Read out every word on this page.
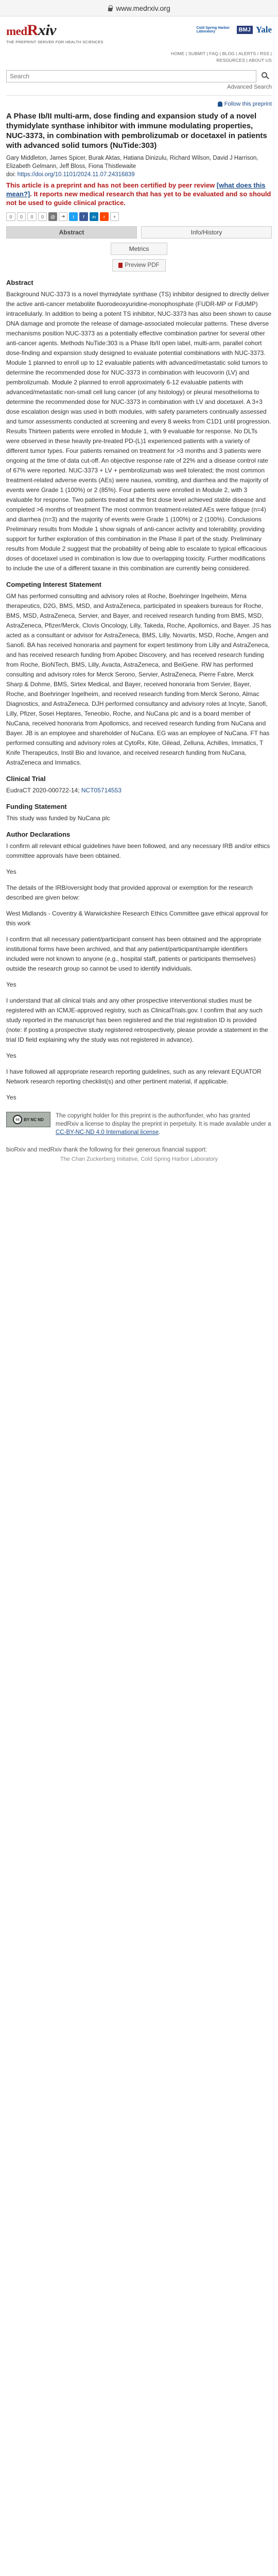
www.medrxiv.org
medRxiv
THE PREPRINT SERVER FOR HEALTH SCIENCES
Cold Spring Harbor Laboratory	BMJ Yale
HOME | SUBMIT | FAQ | BLOG | ALERTS / RSS |
RESOURCES | ABOUT US
Search
Advanced Search
Follow this preprint
A Phase Ib/II multi-arm, dose finding and expansion study of a novel thymidylate synthase inhibitor with immune modulating properties, NUC-3373, in combination with pembrolizumab or docetaxel in patients with advanced solid tumors (NuTide:303)
Gary Middleton, James Spicer, Burak Aktas, Hatiana Dinizulu, Richard Wilson, David J Harrison, Elizabeth Gelmann, Jeff Bloss, Fiona Thistlewaite
doi: https://doi.org/10.1101/2024.11.07.24316839
This article is a preprint and has not been certified by peer review [what does this mean?]. It reports new medical research that has yet to be evaluated and so should not be used to guide clinical practice.
0	0	0	0	@	➜	t	f	in	r	+
Abstract	Info/History
Metrics
Preview PDF
Abstract

Background NUC-3373 is a novel thymidylate synthase (TS) inhibitor designed to directly deliver the active anti-cancer metabolite fluorodeoxyuridine-monophosphate (FUDR-MP or FdUMP) intracellularly. In addition to being a potent TS inhibitor, NUC-3373 has also been shown to cause DNA damage and promote the release of damage-associated molecular patterns. These diverse mechanisms position NUC-3373 as a potentially effective combination partner for several other anti-cancer agents. Methods NuTide:303 is a Phase Ib/II open label, multi-arm, parallel cohort dose-finding and expansion study designed to evaluate potential combinations with NUC-3373. Module 1 planned to enroll up to 12 evaluable patients with advanced/metastatic solid tumors to determine the recommended dose for NUC-3373 in combination with leucovorin (LV) and pembrolizumab. Module 2 planned to enroll approximately 6-12 evaluable patients with advanced/metastatic non-small cell lung cancer (of any histology) or pleural mesothelioma to determine the recommended dose for NUC-3373 in combination with LV and docetaxel. A 3+3 dose escalation design was used in both modules, with safety parameters continually assessed and tumor assessments conducted at screening and every 8 weeks from C1D1 until progression. Results Thirteen patients were enrolled in Module 1, with 9 evaluable for response. No DLTs were observed in these heavily pre-treated PD-(L)1 experienced patients with a variety of different tumor types. Four patients remained on treatment for >3 months and 3 patients were ongoing at the time of data cut-off. An objective response rate of 22% and a disease control rate of 67% were reported. NUC-3373 + LV + pembrolizumab was well tolerated; the most common treatment-related adverse events (AEs) were nausea, vomiting, and diarrhea and the majority of events were Grade 1 (100%) or 2 (85%). Four patients were enrolled in Module 2, with 3 evaluable for response. Two patients treated at the first dose level achieved stable disease and completed >6 months of treatment The most common treatment-related AEs were fatigue (n=4) and diarrhea (n=3) and the majority of events were Grade 1 (100%) or 2 (100%). Conclusions Preliminary results from Module 1 show signals of anti-cancer activity and tolerability, providing support for further exploration of this combination in the Phase II part of the study. Preliminary results from Module 2 suggest that the probability of being able to escalate to typical efficacious doses of docetaxel used in combination is low due to overlapping toxicity. Further modifications to include the use of a different taxane in this combination are currently being considered.

Competing Interest Statement

GM has performed consulting and advisory roles at Roche, Boehringer Ingelheim, Mirna therapeutics, D2G, BMS, MSD, and AstraZeneca, participated in speakers bureaus for Roche, BMS, MSD, AstraZeneca, Servier, and Bayer, and received research funding from BMS, MSD, AstraZeneca, Pfizer/Merck, Clovis Oncology, Lilly, Takeda, Roche, Apollomics, and Bayer. JS has acted as a consultant or advisor for AstraZeneca, BMS, Lilly, Novartis, MSD, Roche, Amgen and Sanofi. BA has received honoraria and payment for expert testimony from Lilly and AstraZeneca, and has received research funding from Apobec Discovery, and has received research funding from Roche, BioNTech, BMS, Lilly, Avacta, AstraZeneca, and BeiGene. RW has performed consulting and advisory roles for Merck Serono, Servier, AstraZeneca, Pierre Fabre, Merck Sharp & Dohme, BMS, Sirtex Medical, and Bayer, received honoraria from Servier, Bayer, Roche, and Boehringer Ingelheim, and received research funding from Merck Serono, Almac Diagnostics, and AstraZeneca. DJH performed consultancy and advisory roles at Incyte, Sanofi, Lilly, Pfizer, Sosei Heptares, Teneobio, Roche, and NuCana plc and is a board member of NuCana, received honoraria from Apollomics, and received research funding from NuCana and Bayer. JB is an employee and shareholder of NuCana. EG was an employee of NuCana. FT has performed consulting and advisory roles at CytoRx, Kite, Gilead, Zelluna, Achilles, Immatics, T Knife Therapeutics, Instil Bio and Iovance, and received research funding from NuCana, AstraZeneca and Immatics.

Clinical Trial

EudraCT 2020-000722-14; NCT05714553

Funding Statement

This study was funded by NuCana plc

Author Declarations

I confirm all relevant ethical guidelines have been followed, and any necessary IRB and/or ethics committee approvals have been obtained.

Yes

The details of the IRB/oversight body that provided approval or exemption for the research described are given below:

West Midlands - Coventry & Warwickshire Research Ethics Committee gave ethical approval for this work

I confirm that all necessary patient/participant consent has been obtained and the appropriate institutional forms have been archived, and that any patient/participant/sample identifiers included were not known to anyone (e.g., hospital staff, patients or participants themselves) outside the research group so cannot be used to identify individuals.

Yes

I understand that all clinical trials and any other prospective interventional studies must be registered with an ICMJE-approved registry, such as ClinicalTrials.gov. I confirm that any such study reported in the manuscript has been registered and the trial registration ID is provided (note: if posting a prospective study registered retrospectively, please provide a statement in the trial ID field explaining why the study was not registered in advance).

Yes

I have followed all appropriate research reporting guidelines, such as any relevant EQUATOR Network research reporting checklist(s) and other pertinent material, if applicable.

Yes

cc	BY NC ND
The copyright holder for this preprint is the author/funder, who has granted medRxiv a license to display the preprint in perpetuity. It is made available under a CC-BY-NC-ND 4.0 International license.
bioRxiv and medRxiv thank the following for their generous financial support:
The Chan Zuckerberg Initiative, Cold Spring Harbor Laboratory
